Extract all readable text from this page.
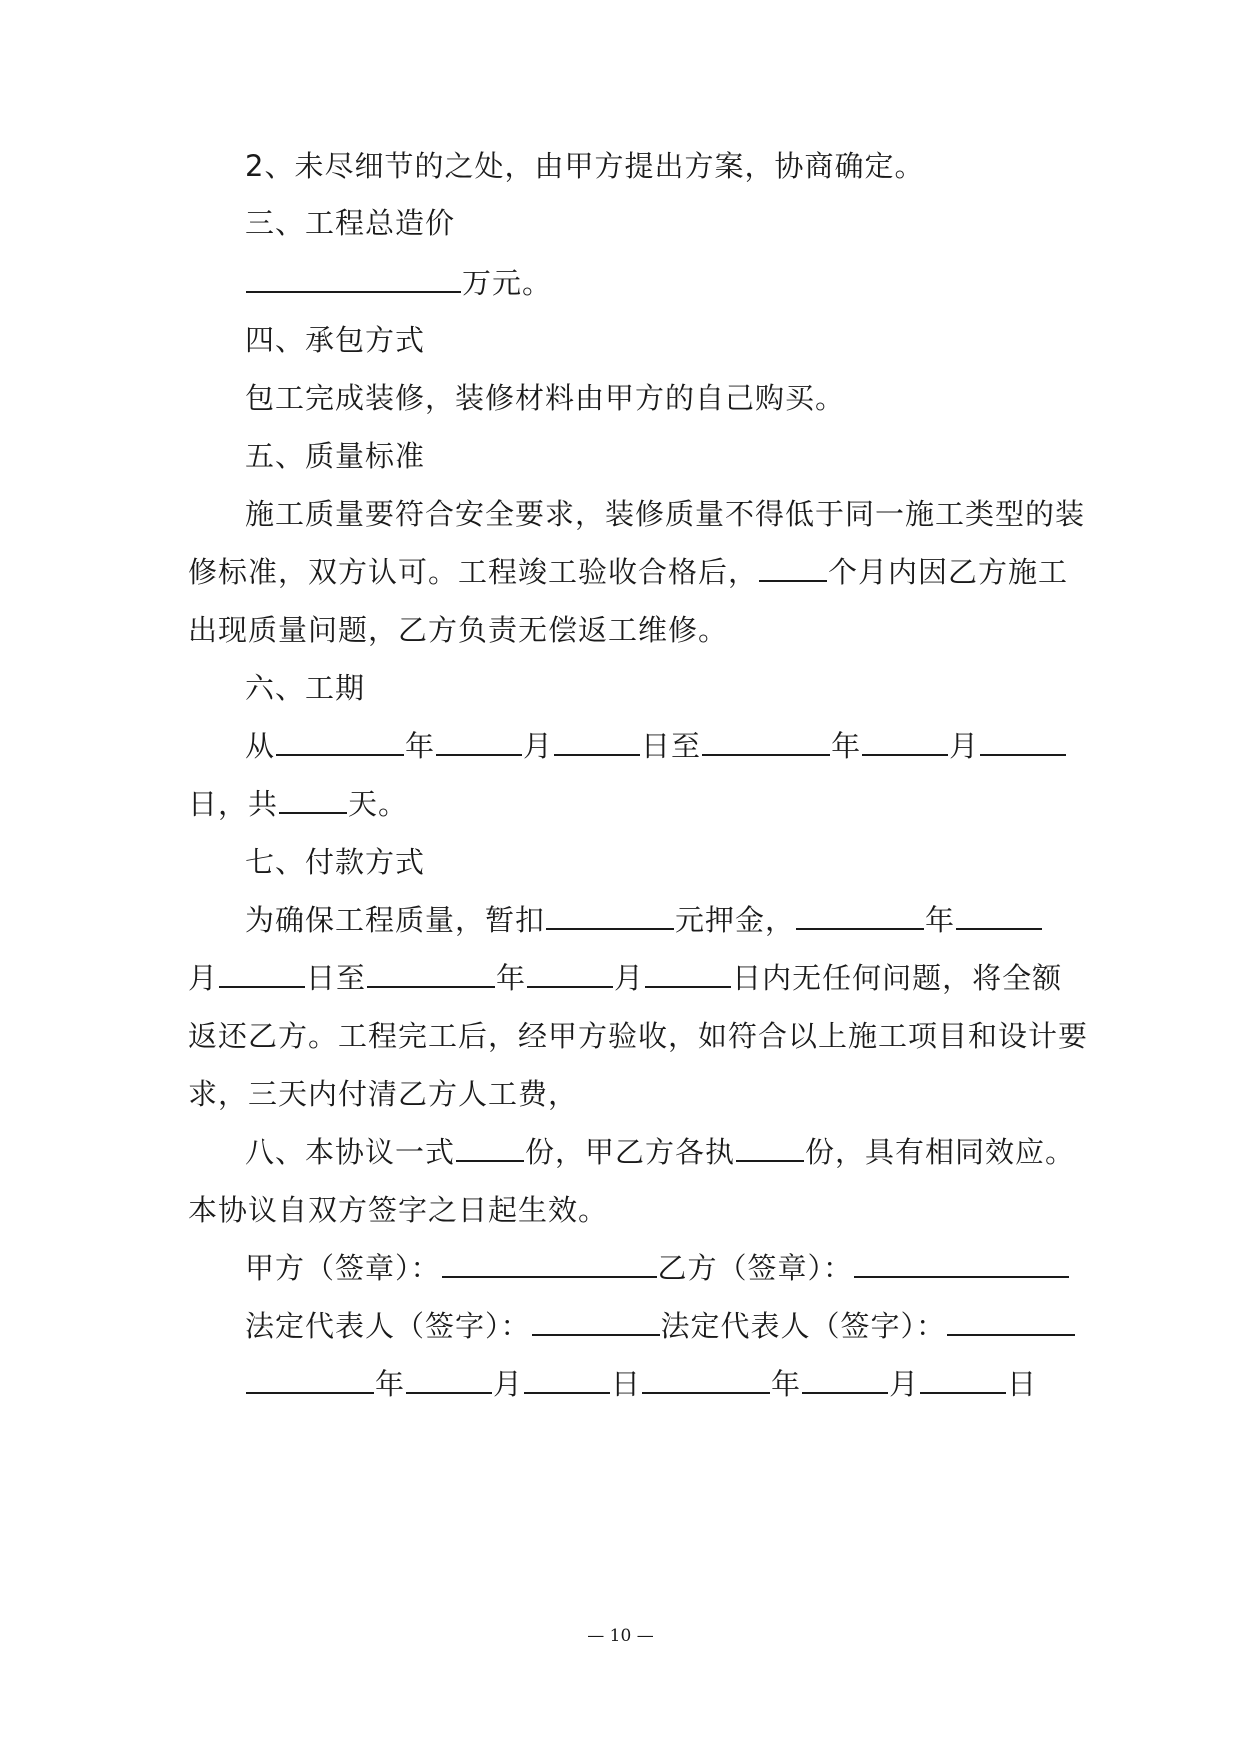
2、未尽细节的之处，由甲方提出方案，协商确定。
三、工程总造价
万元。
四、承包方式
包工完成装修，装修材料由甲方的自己购买。
五、质量标准
施工质量要符合安全要求，装修质量不得低于同一施工类型的装
修标准，双方认可。工程竣工验收合格后， 个月内因乙方施工
出现质量问题，乙方负责无偿返工维修。
六、工期
从	年	月	日至	年	月
日，共 天。
七、付款方式
为确保工程质量，暂扣	元押金，	年
月	日至	年	月	日内无任何问题，将全额
返还乙方。工程完工后，经甲方验收，如符合以上施工项目和设计要
求，三天内付清乙方人工费，
八、本协议一式 份，甲乙方各执 份，具有相同效应。
本协议自双方签字之日起生效。
甲方（签章）：	乙方（签章）：
法定代表人（签字）：	法定代表人（签字）：
年	月	日	年	月	日
— 10 —
